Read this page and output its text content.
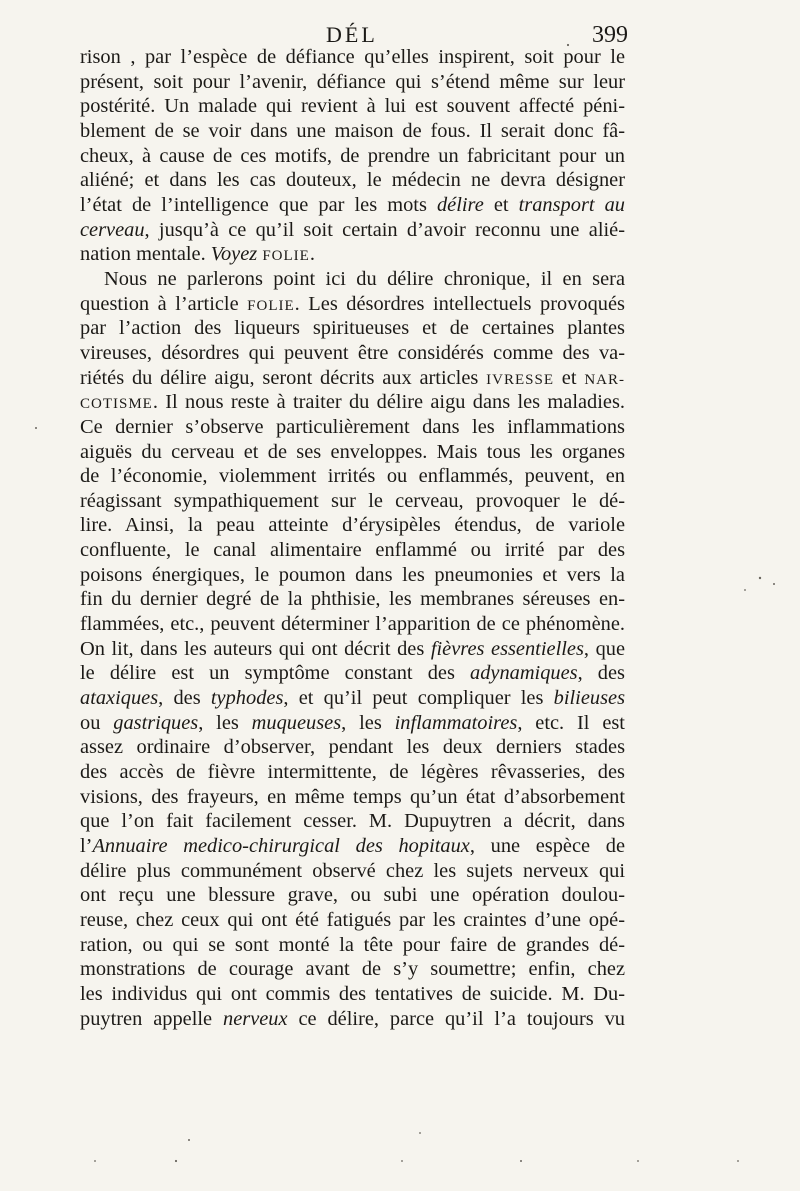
DÉL	399
rison , par l’espèce de défiance qu’elles inspirent, soit pour le
présent, soit pour l’avenir, défiance qui s’étend même sur leur
postérité. Un malade qui revient à lui est souvent affecté péni-
blement de se voir dans une maison de fous. Il serait donc fâ-
cheux, à cause de ces motifs, de prendre un fabricitant pour un
aliéné; et dans les cas douteux, le médecin ne devra désigner
l’état de l’intelligence que par les mots délire et transport au
cerveau, jusqu’à ce qu’il soit certain d’avoir reconnu une alié-
nation mentale. Voyez FOLIE.
Nous ne parlerons point ici du délire chronique, il en sera
question à l’article FOLIE. Les désordres intellectuels provoqués
par l’action des liqueurs spiritueuses et de certaines plantes
vireuses, désordres qui peuvent être considérés comme des va-
riétés du délire aigu, seront décrits aux articles IVRESSE et NAR-
COTISME. Il nous reste à traiter du délire aigu dans les maladies.
Ce dernier s’observe particulièrement dans les inflammations
aiguës du cerveau et de ses enveloppes. Mais tous les organes
de l’économie, violemment irrités ou enflammés, peuvent, en
réagissant sympathiquement sur le cerveau, provoquer le dé-
lire. Ainsi, la peau atteinte d’érysipèles étendus, de variole
confluente, le canal alimentaire enflammé ou irrité par des
poisons énergiques, le poumon dans les pneumonies et vers la
fin du dernier degré de la phthisie, les membranes séreuses en-
flammées, etc., peuvent déterminer l’apparition de ce phénomène.
On lit, dans les auteurs qui ont décrit des fièvres essentielles, que
le délire est un symptôme constant des adynamiques, des
ataxiques, des typhodes, et qu’il peut compliquer les bilieuses
ou gastriques, les muqueuses, les inflammatoires, etc. Il est
assez ordinaire d’observer, pendant les deux derniers stades
des accès de fièvre intermittente, de légères rêvasseries, des
visions, des frayeurs, en même temps qu’un état d’absorbement
que l’on fait facilement cesser. M. Dupuytren a décrit, dans
l’Annuaire medico-chirurgical des hopitaux, une espèce de
délire plus communément observé chez les sujets nerveux qui
ont reçu une blessure grave, ou subi une opération doulou-
reuse, chez ceux qui ont été fatigués par les craintes d’une opé-
ration, ou qui se sont monté la tête pour faire de grandes dé-
monstrations de courage avant de s’y soumettre; enfin, chez
les individus qui ont commis des tentatives de suicide. M. Du-
puytren appelle nerveux ce délire, parce qu’il l’a toujours vu
